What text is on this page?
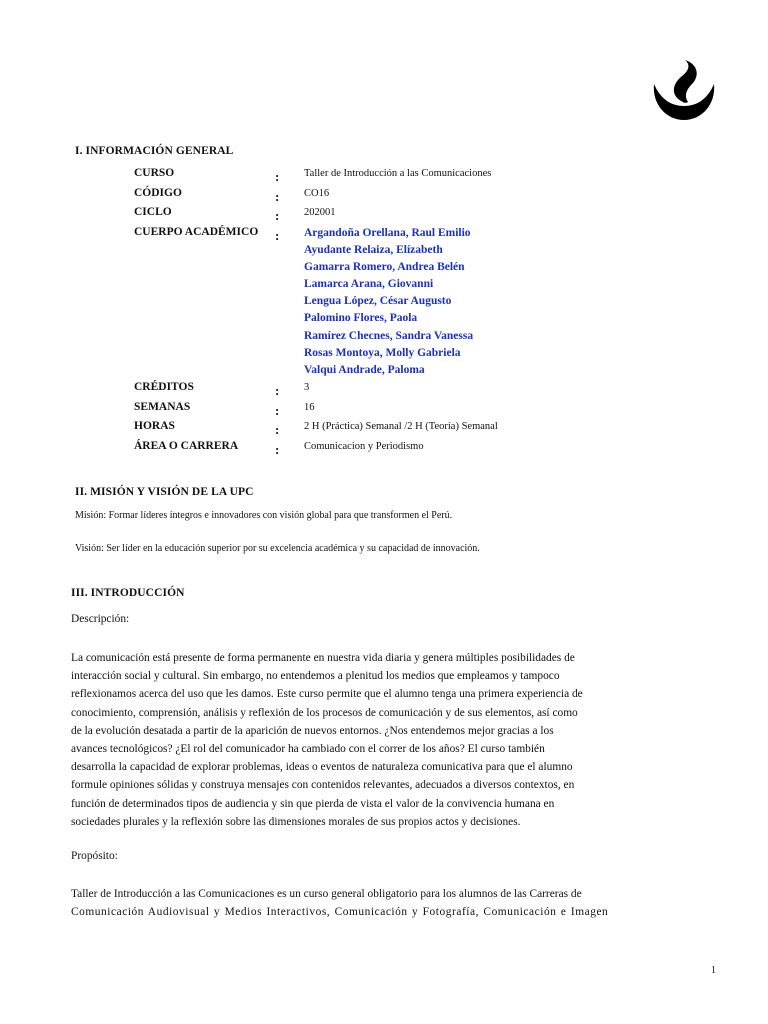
I. INFORMACIÓN GENERAL
CURSO	: Taller de Introducción a las Comunicaciones
CÓDIGO	: CO16
CICLO	: 202001
CUERPO ACADÉMICO : Argandoña Orellana, Raul Emilio
Ayudante Relaiza, Elízabeth
Gamarra Romero, Andrea Belén
Lamarca Arana, Giovanni
Lengua López, César Augusto
Palomino Flores, Paola
Ramírez Checnes, Sandra Vanessa
Rosas Montoya, Molly Gabriela
Valqui Andrade, Paloma
CRÉDITOS	: 3
SEMANAS	: 16
HORAS	: 2 H (Práctica) Semanal /2 H (Teoría) Semanal
ÁREA O CARRERA	: Comunicacion y Periodismo
II. MISIÓN Y VISIÓN DE LA UPC
Misión: Formar líderes íntegros e innovadores con visión global para que transformen el Perú.
Visión: Ser líder en la educación superior por su excelencia académica y su capacidad de innovación.
III. INTRODUCCIÓN
Descripción:
La comunicación está presente de forma permanente en nuestra vida diaria y genera múltiples posibilidades de
interacción social y cultural. Sin embargo, no entendemos a plenitud los medios que empleamos y tampoco
reflexionamos acerca del uso que les damos. Este curso permite que el alumno tenga una primera experiencia de
conocimiento, comprensión, análisis y reflexión de los procesos de comunicación y de sus elementos, así como
de la evolución desatada a partir de la aparición de nuevos entornos. ¿Nos entendemos mejor gracias a los
avances tecnológicos? ¿El rol del comunicador ha cambiado con el correr de los años? El curso también
desarrolla la capacidad de explorar problemas, ideas o eventos de naturaleza comunicativa para que el alumno
formule opiniones sólidas y construya mensajes con contenidos relevantes, adecuados a diversos contextos, en
función de determinados tipos de audiencia y sin que pierda de vista el valor de la convivencia humana en
sociedades plurales y la reflexión sobre las dimensiones morales de sus propios actos y decisiones.
Propósito:
Taller de Introducción a las Comunicaciones es un curso general obligatorio para los alumnos de las Carreras de
Comunicación Audiovisual y Medios Interactivos, Comunicación y Fotografía, Comunicación e Imagen
1
